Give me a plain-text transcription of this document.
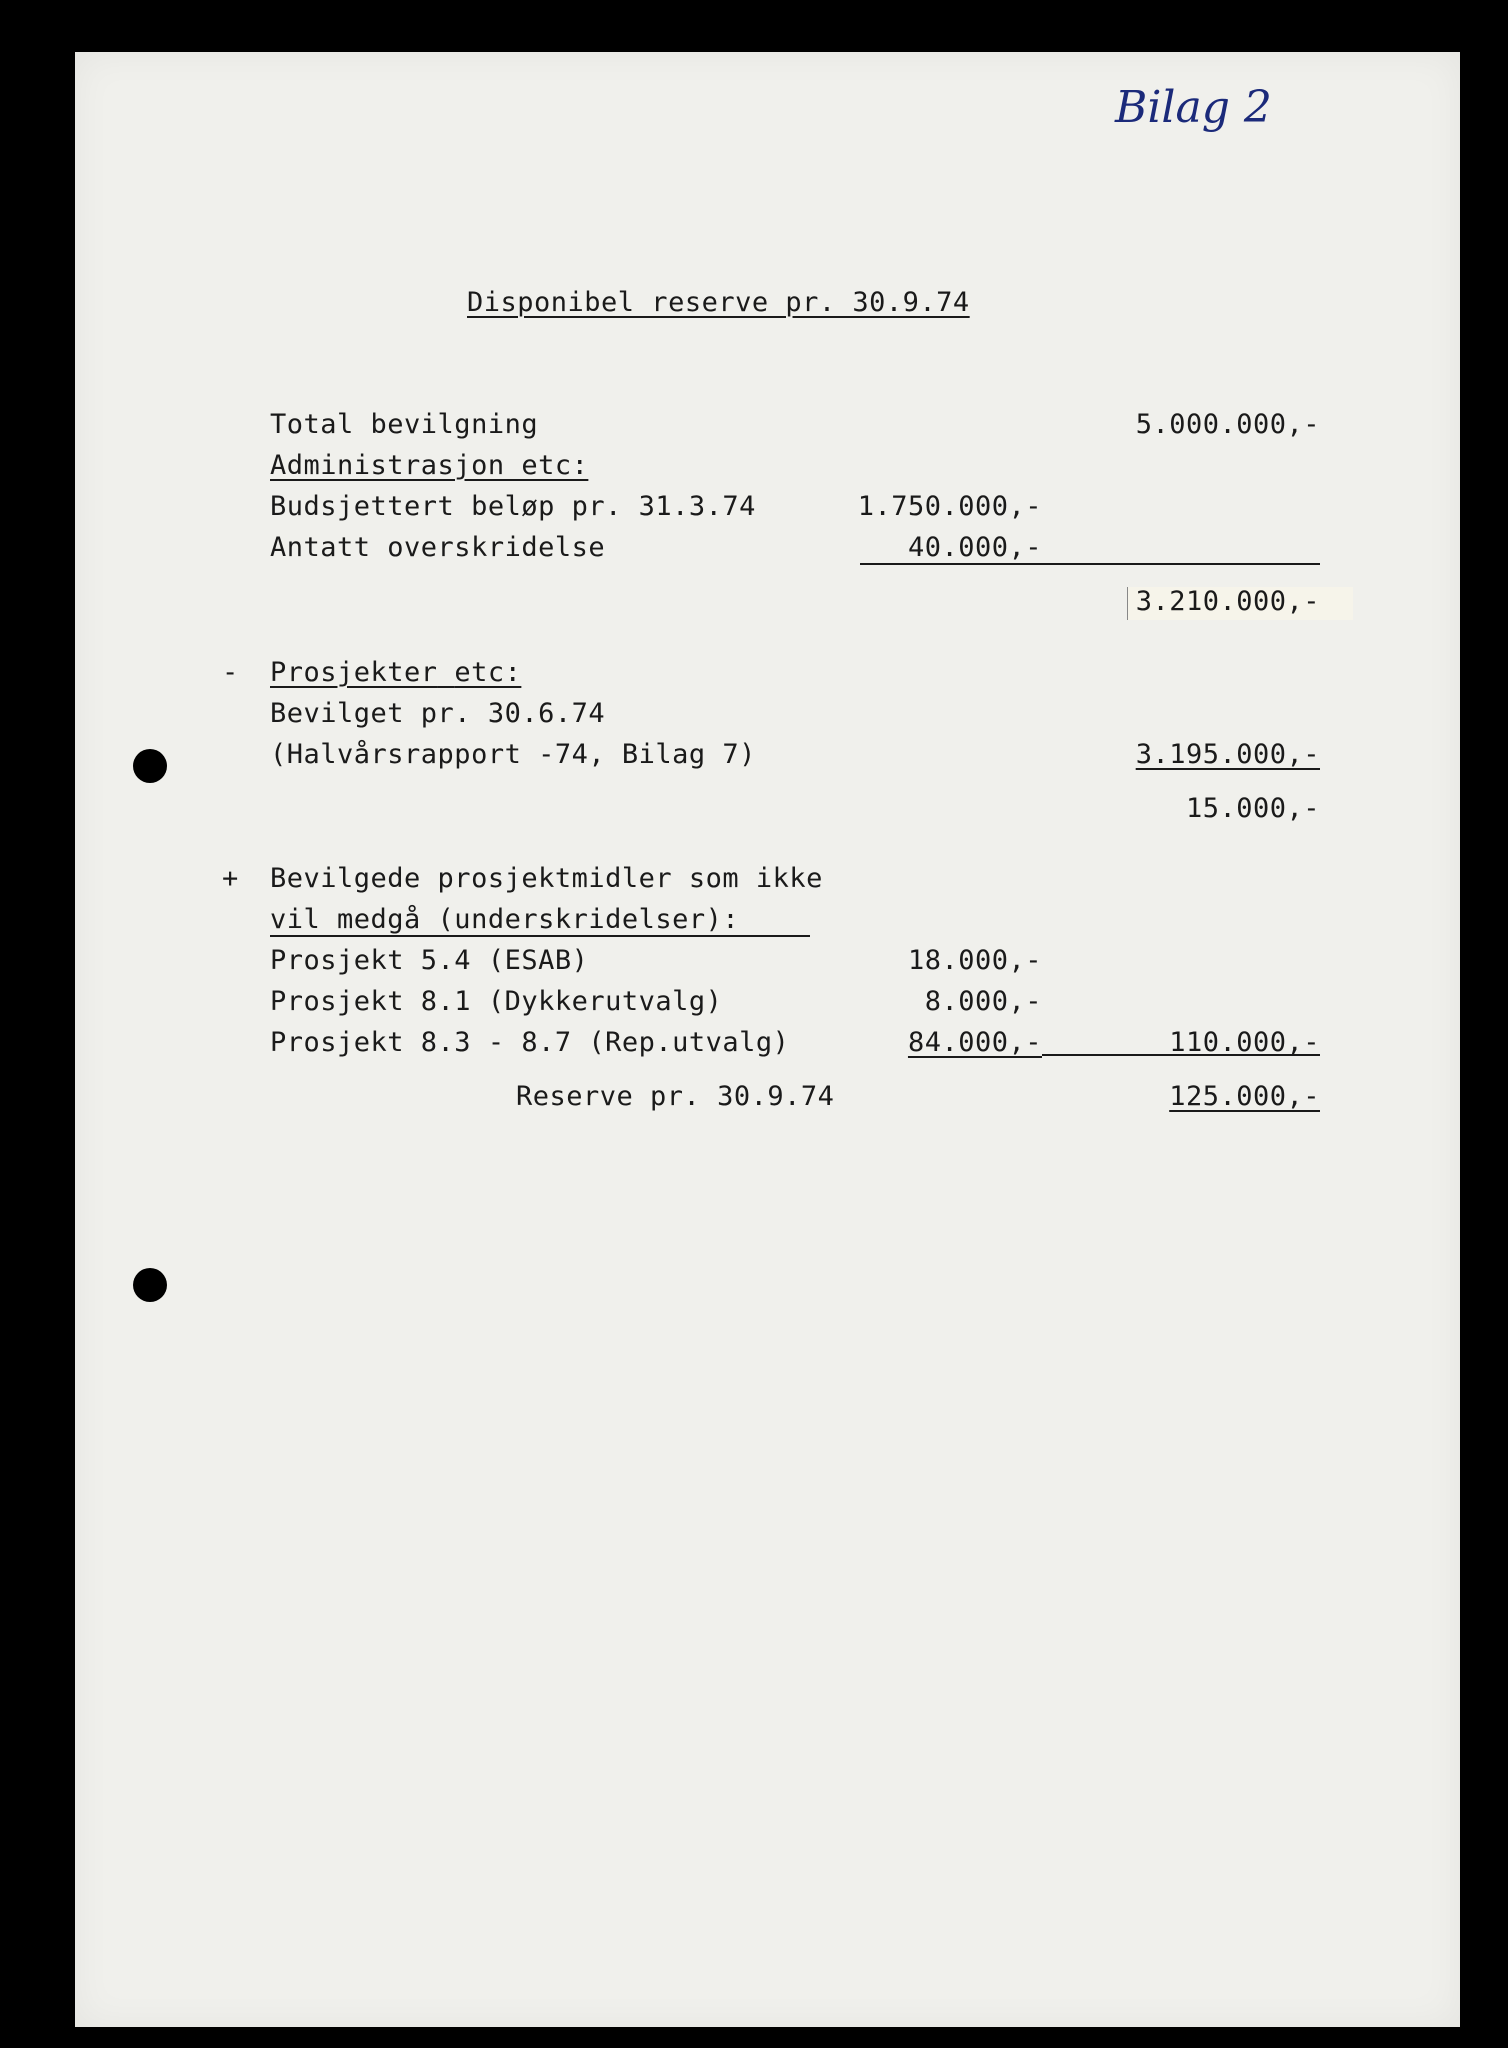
Bilag 2
Disponibel reserve pr. 30.9.74
Total bevilgning	5.000.000,-
Administrasjon etc:
Budsjettert beløp pr. 31.3.74	1.750.000,-
Antatt overskridelse	40.000,-
3.210.000,-
- Prosjekter etc:
Bevilget pr. 30.6.74
(Halvårsrapport -74, Bilag 7)	3.195.000,-
15.000,-
+ Bevilgede prosjektmidler som ikke
vil medgå (underskridelser):
Prosjekt 5.4 (ESAB)	18.000,-
Prosjekt 8.1 (Dykkerutvalg)	8.000,-
Prosjekt 8.3 - 8.7 (Rep.utvalg)	84.000,-	110.000,-
Reserve pr. 30.9.74	125.000,-
